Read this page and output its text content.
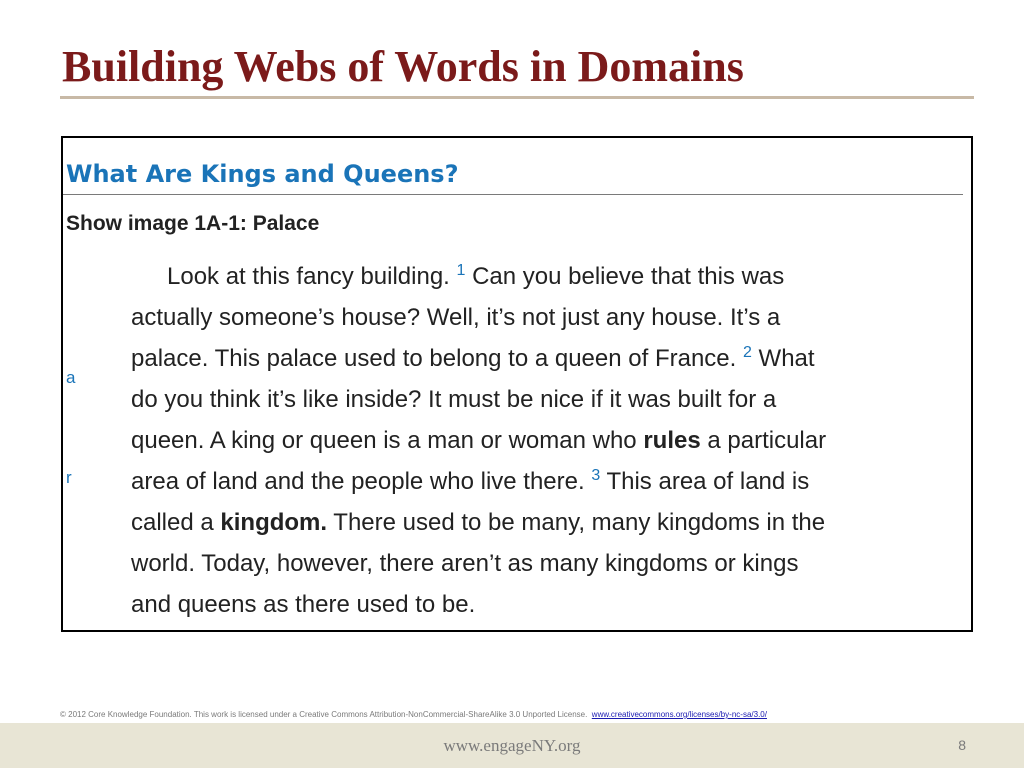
Building Webs of Words in Domains
What Are Kings and Queens?
Show image 1A-1: Palace
a
r

Look at this fancy building. $^1$ Can you believe that this was
actually someone’s house? Well, it’s not just any house. It’s a
palace. This palace used to belong to a queen of France. $^2$ What
do you think it’s like inside? It must be nice if it was built for a
queen. A king or queen is a man or woman who rules a particular
area of land and the people who live there. $^3$ This area of land is
called a kingdom. There used to be many, many kingdoms in the
world. Today, however, there aren’t as many kingdoms or kings
and queens as there used to be.

© 2012 Core Knowledge Foundation. This work is licensed under a Creative Commons Attribution-NonCommercial-ShareAlike 3.0 Unported License. www.creativecommons.org/licenses/by-nc-sa/3.0/
www.engageNY.org	8
